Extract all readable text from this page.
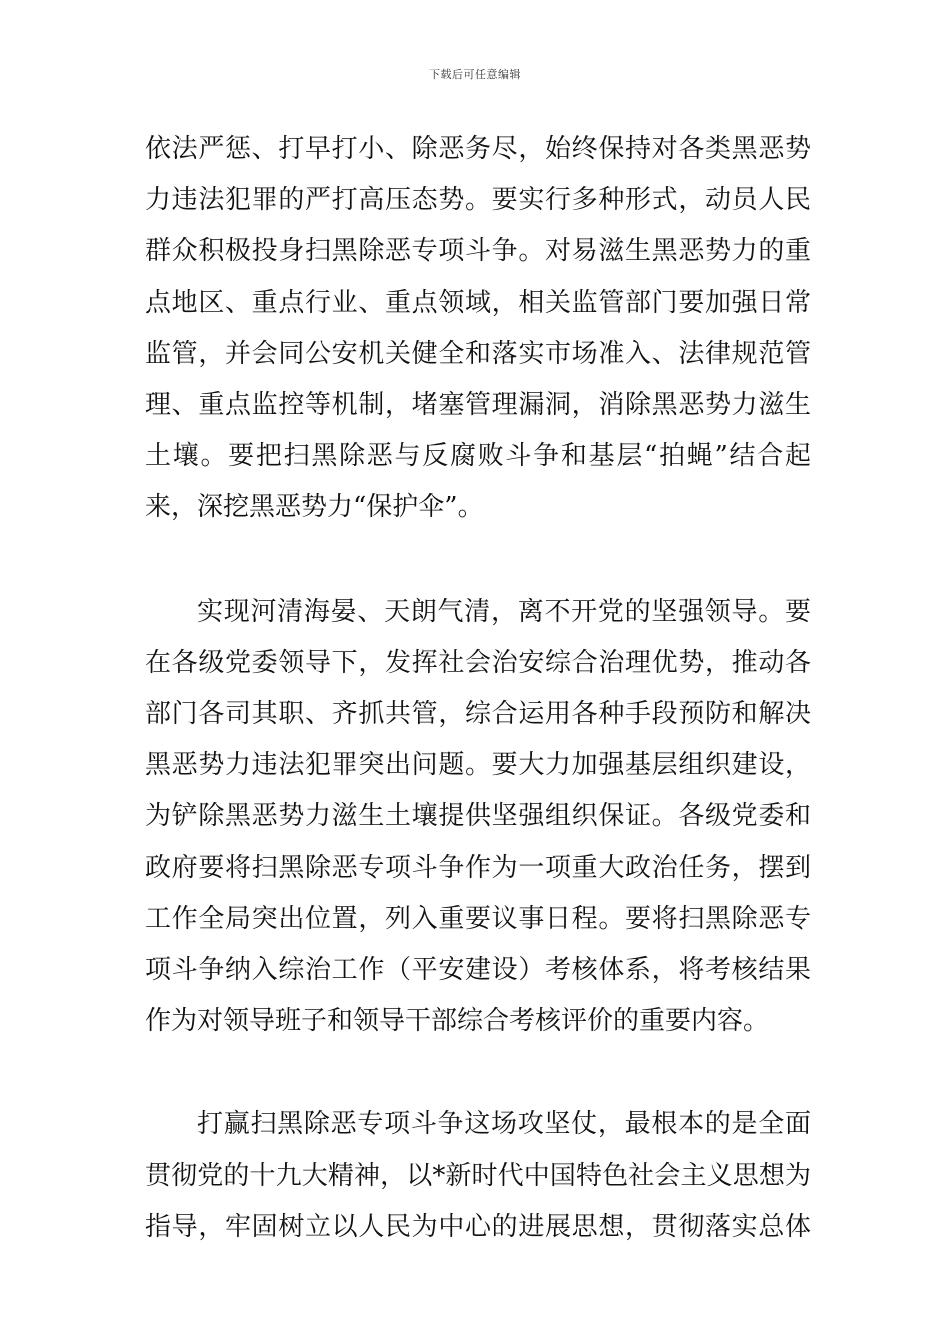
下载后可任意编辑

依法严惩、打早打小、除恶务尽，始终保持对各类黑恶势
力违法犯罪的严打高压态势。要实行多种形式，动员人民
群众积极投身扫黑除恶专项斗争。对易滋生黑恶势力的重
点地区、重点行业、重点领域，相关监管部门要加强日常
监管，并会同公安机关健全和落实市场准入、法律规范管
理、重点监控等机制，堵塞管理漏洞，消除黑恶势力滋生
土壤。要把扫黑除恶与反腐败斗争和基层“拍蝇”结合起
来，深挖黑恶势力“保护伞”。

实现河清海晏、天朗气清，离不开党的坚强领导。要
在各级党委领导下，发挥社会治安综合治理优势，推动各
部门各司其职、齐抓共管，综合运用各种手段预防和解决
黑恶势力违法犯罪突出问题。要大力加强基层组织建设，
为铲除黑恶势力滋生土壤提供坚强组织保证。各级党委和
政府要将扫黑除恶专项斗争作为一项重大政治任务，摆到
工作全局突出位置，列入重要议事日程。要将扫黑除恶专
项斗争纳入综治工作（平安建设）考核体系，将考核结果
作为对领导班子和领导干部综合考核评价的重要内容。

打赢扫黑除恶专项斗争这场攻坚仗，最根本的是全面
贯彻党的十九大精神，以*新时代中国特色社会主义思想为
指导，牢固树立以人民为中心的进展思想，贯彻落实总体
